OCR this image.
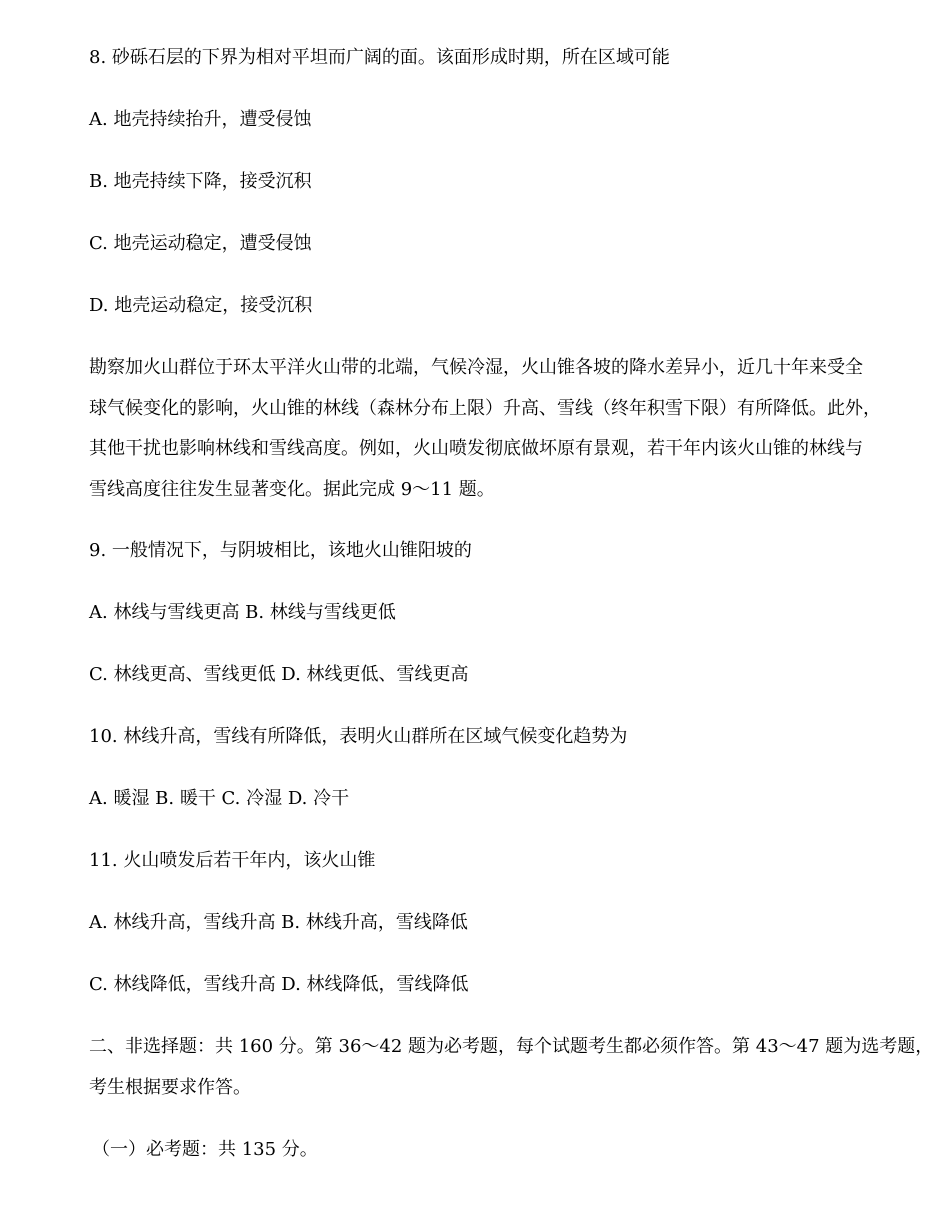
8. 砂砾石层的下界为相对平坦而广阔的面。该面形成时期，所在区域可能
A. 地壳持续抬升，遭受侵蚀
B. 地壳持续下降，接受沉积
C. 地壳运动稳定，遭受侵蚀
D. 地壳运动稳定，接受沉积
勘察加火山群位于环太平洋火山带的北端，气候冷湿，火山锥各坡的降水差异小，近几十年来受全
球气候变化的影响，火山锥的林线（森林分布上限）升高、雪线（终年积雪下限）有所降低。此外，
其他干扰也影响林线和雪线高度。例如，火山喷发彻底做坏原有景观，若干年内该火山锥的林线与
雪线高度往往发生显著变化。据此完成 9～11 题。
9. 一般情况下，与阴坡相比，该地火山锥阳坡的
A. 林线与雪线更高 B. 林线与雪线更低
C. 林线更高、雪线更低 D. 林线更低、雪线更高
10. 林线升高，雪线有所降低，表明火山群所在区域气候变化趋势为
A. 暖湿 B. 暖干 C. 冷湿 D. 冷干
11. 火山喷发后若干年内，该火山锥
A. 林线升高，雪线升高 B. 林线升高，雪线降低
C. 林线降低，雪线升高 D. 林线降低，雪线降低
二、非选择题：共 160 分。第 36～42 题为必考题，每个试题考生都必须作答。第 43～47 题为选考题，
考生根据要求作答。
（一）必考题：共 135 分。
